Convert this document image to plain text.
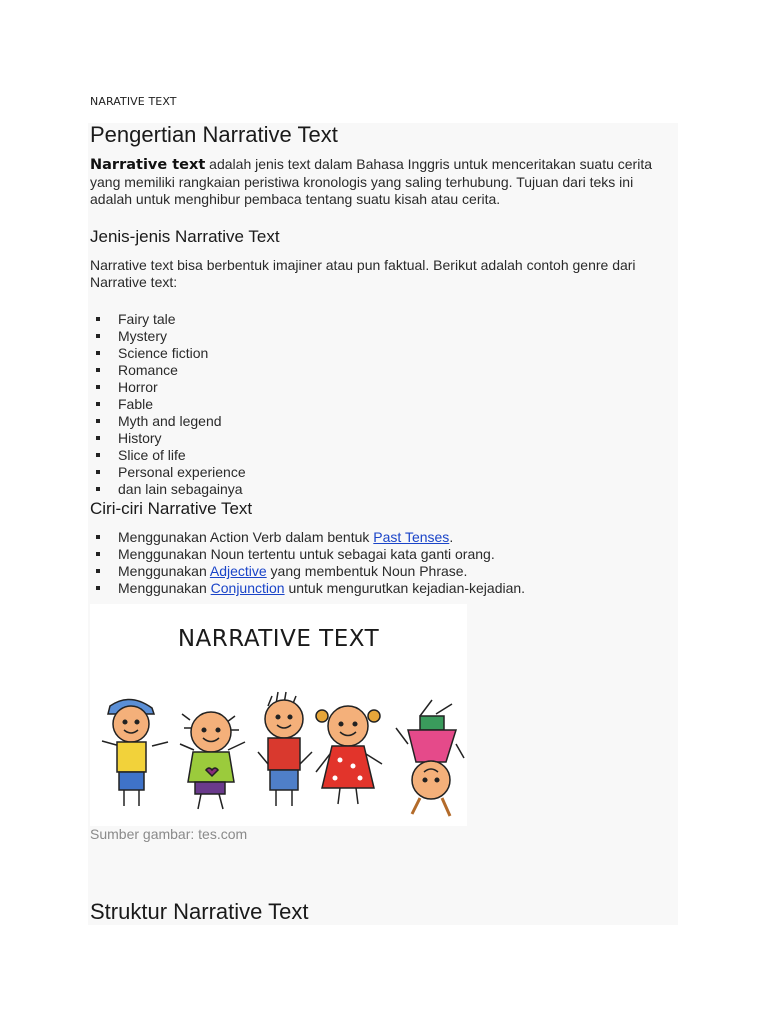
NARATIVE TEXT
Pengertian Narrative Text

Narrative text adalah jenis text dalam Bahasa Inggris untuk menceritakan suatu cerita yang memiliki rangkaian peristiwa kronologis yang saling terhubung. Tujuan dari teks ini adalah untuk menghibur pembaca tentang suatu kisah atau cerita.

Jenis-jenis Narrative Text

Narrative text bisa berbentuk imajiner atau pun faktual. Berikut adalah contoh genre dari Narrative text:

Fairy tale
Mystery
Science fiction
Romance
Horror
Fable
Myth and legend
History
Slice of life
Personal experience
dan lain sebagainya
Ciri-ciri Narrative Text
Menggunakan Action Verb dalam bentuk Past Tenses.
Menggunakan Noun tertentu untuk sebagai kata ganti orang.
Menggunakan Adjective yang membentuk Noun Phrase.
Menggunakan Conjunction untuk mengurutkan kejadian-kejadian.
NARRATIVE TEXT
Sumber gambar: tes.com
Struktur Narrative Text
